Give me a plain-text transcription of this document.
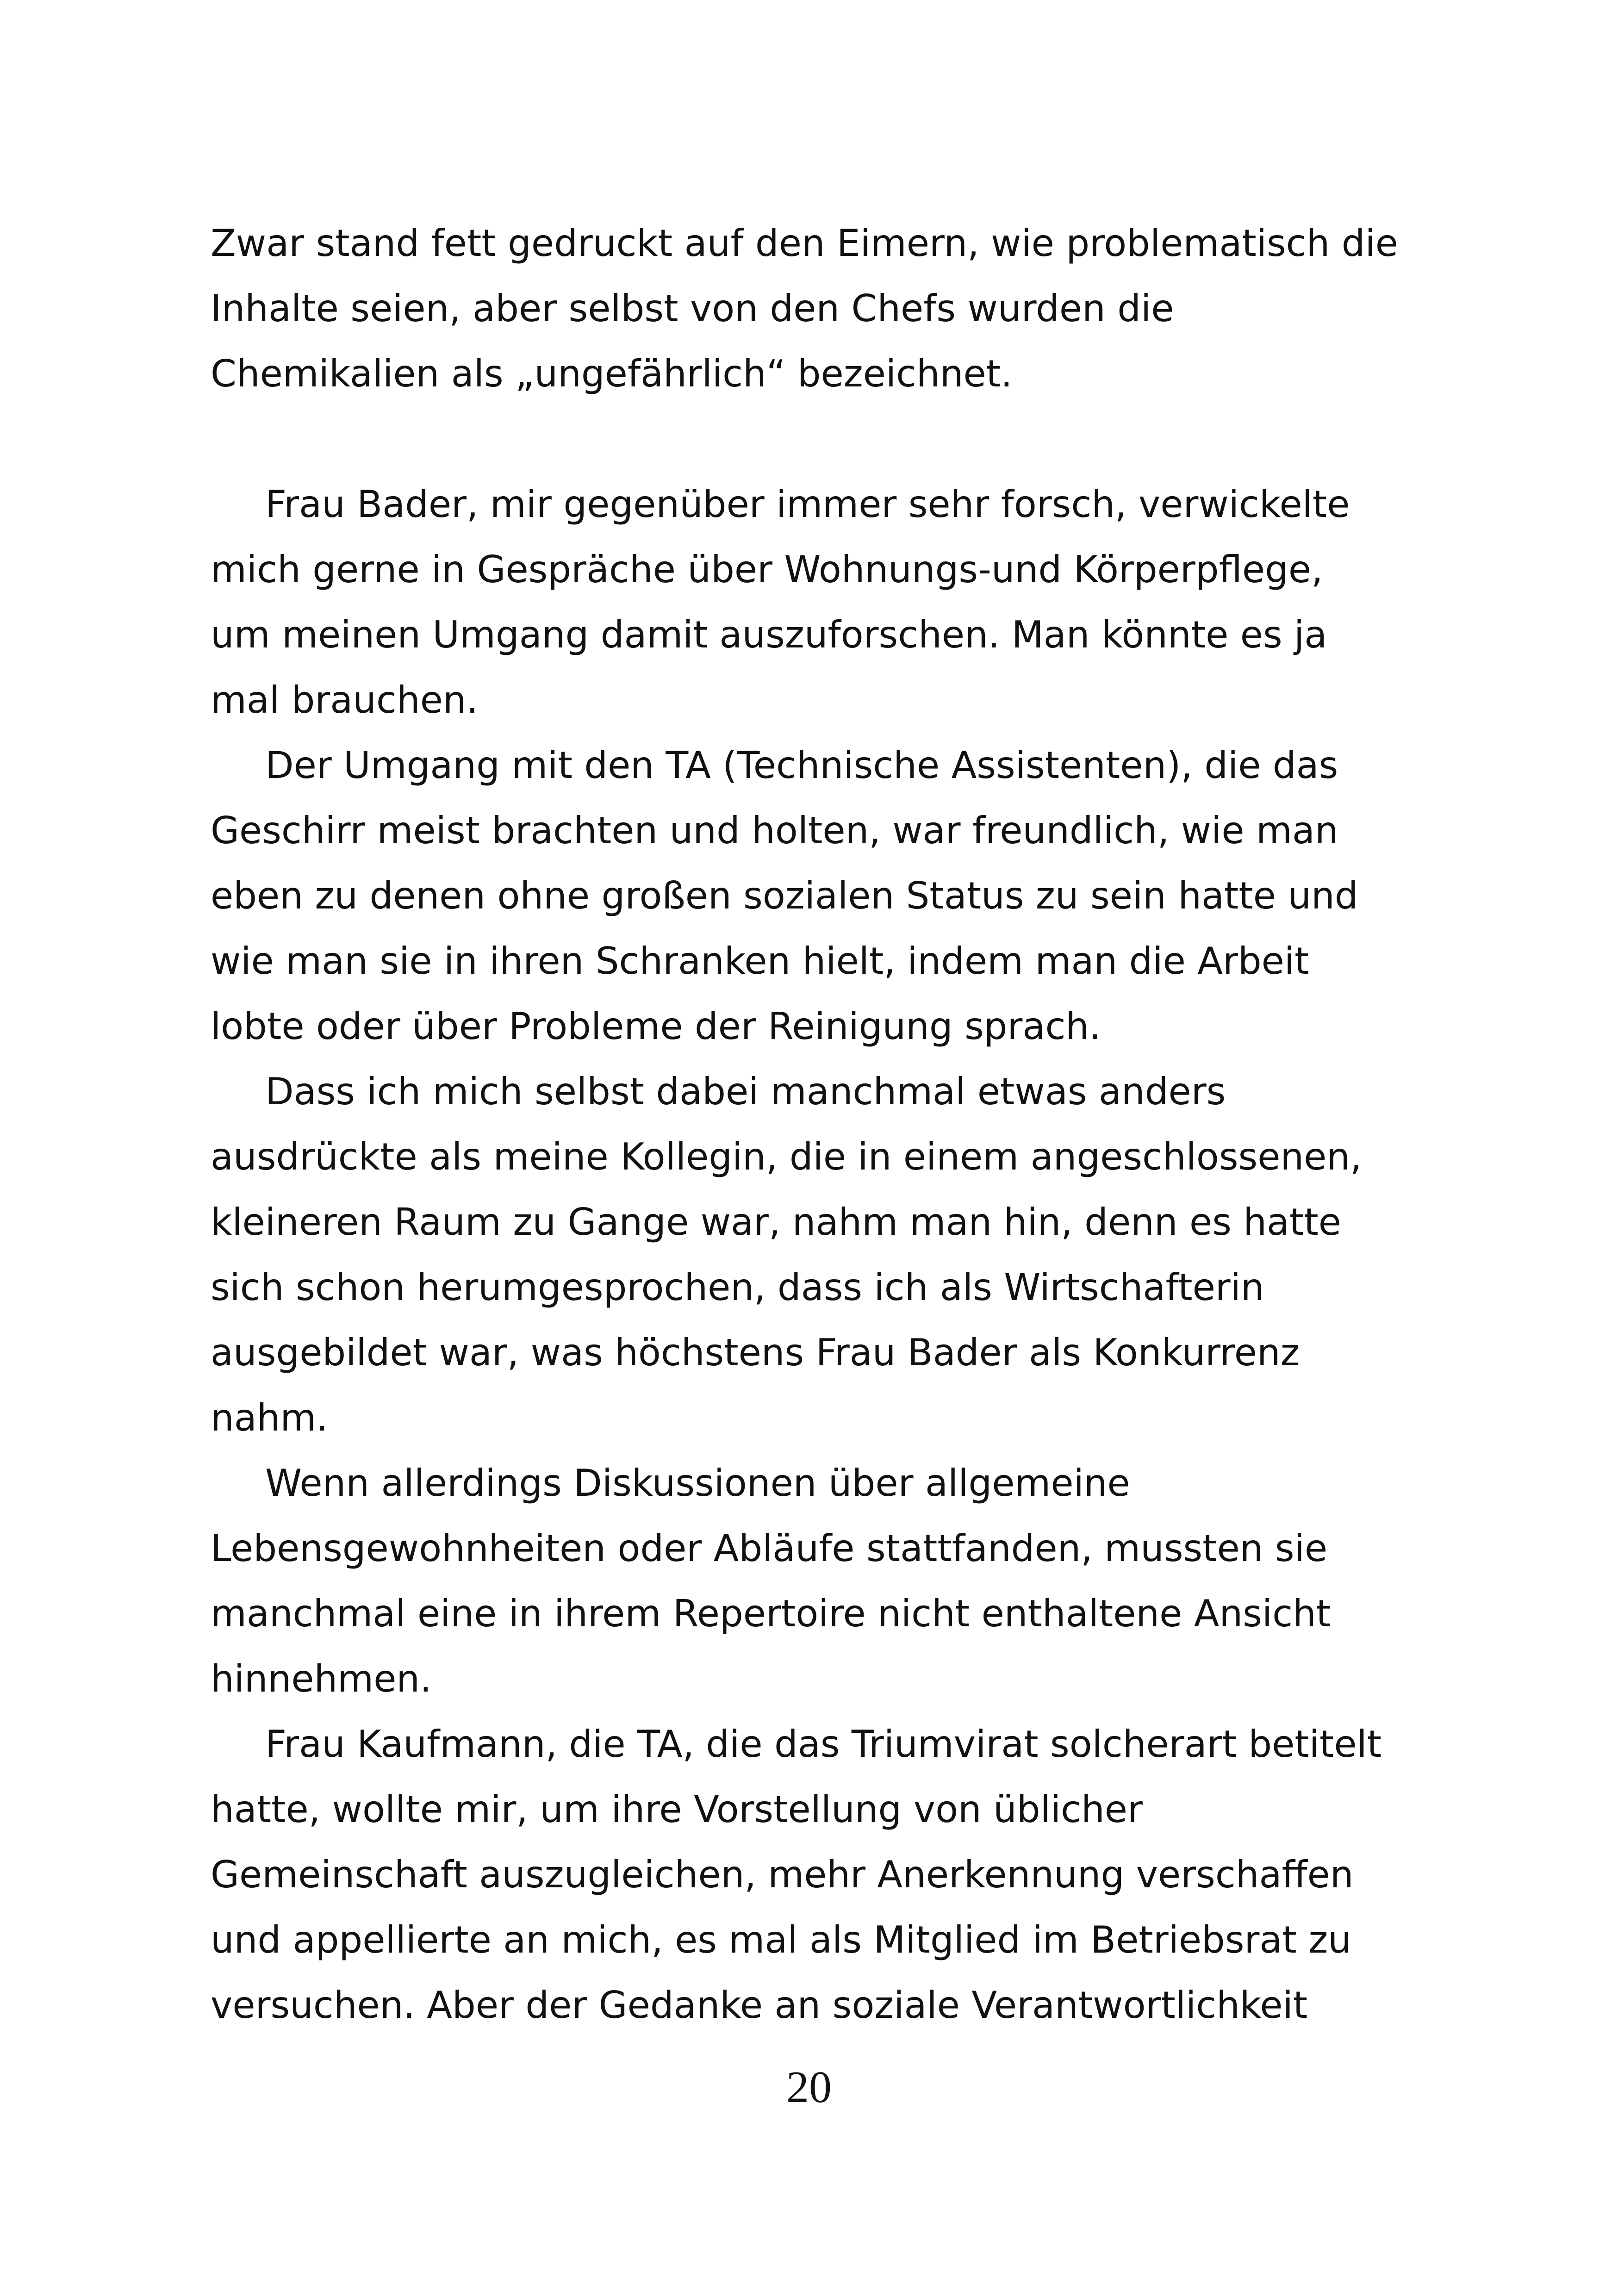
Zwar stand fett gedruckt auf den Eimern, wie problematisch die
Inhalte seien, aber selbst von den Chefs wurden die
Chemikalien als „ungefährlich“ bezeichnet.

Frau Bader, mir gegenüber immer sehr forsch, verwickelte
mich gerne in Gespräche über Wohnungs-und Körperpflege,
um meinen Umgang damit auszuforschen. Man könnte es ja
mal brauchen.

Der Umgang mit den TA (Technische Assistenten), die das
Geschirr meist brachten und holten, war freundlich, wie man
eben zu denen ohne großen sozialen Status zu sein hatte und
wie man sie in ihren Schranken hielt, indem man die Arbeit
lobte oder über Probleme der Reinigung sprach.

Dass ich mich selbst dabei manchmal etwas anders
ausdrückte als meine Kollegin, die in einem angeschlossenen,
kleineren Raum zu Gange war, nahm man hin, denn es hatte
sich schon herumgesprochen, dass ich als Wirtschafterin
ausgebildet war, was höchstens Frau Bader als Konkurrenz
nahm.

Wenn allerdings Diskussionen über allgemeine
Lebensgewohnheiten oder Abläufe stattfanden, mussten sie
manchmal eine in ihrem Repertoire nicht enthaltene Ansicht
hinnehmen.

Frau Kaufmann, die TA, die das Triumvirat solcherart betitelt
hatte, wollte mir, um ihre Vorstellung von üblicher
Gemeinschaft auszugleichen, mehr Anerkennung verschaffen
und appellierte an mich, es mal als Mitglied im Betriebsrat zu
versuchen. Aber der Gedanke an soziale Verantwortlichkeit

20
